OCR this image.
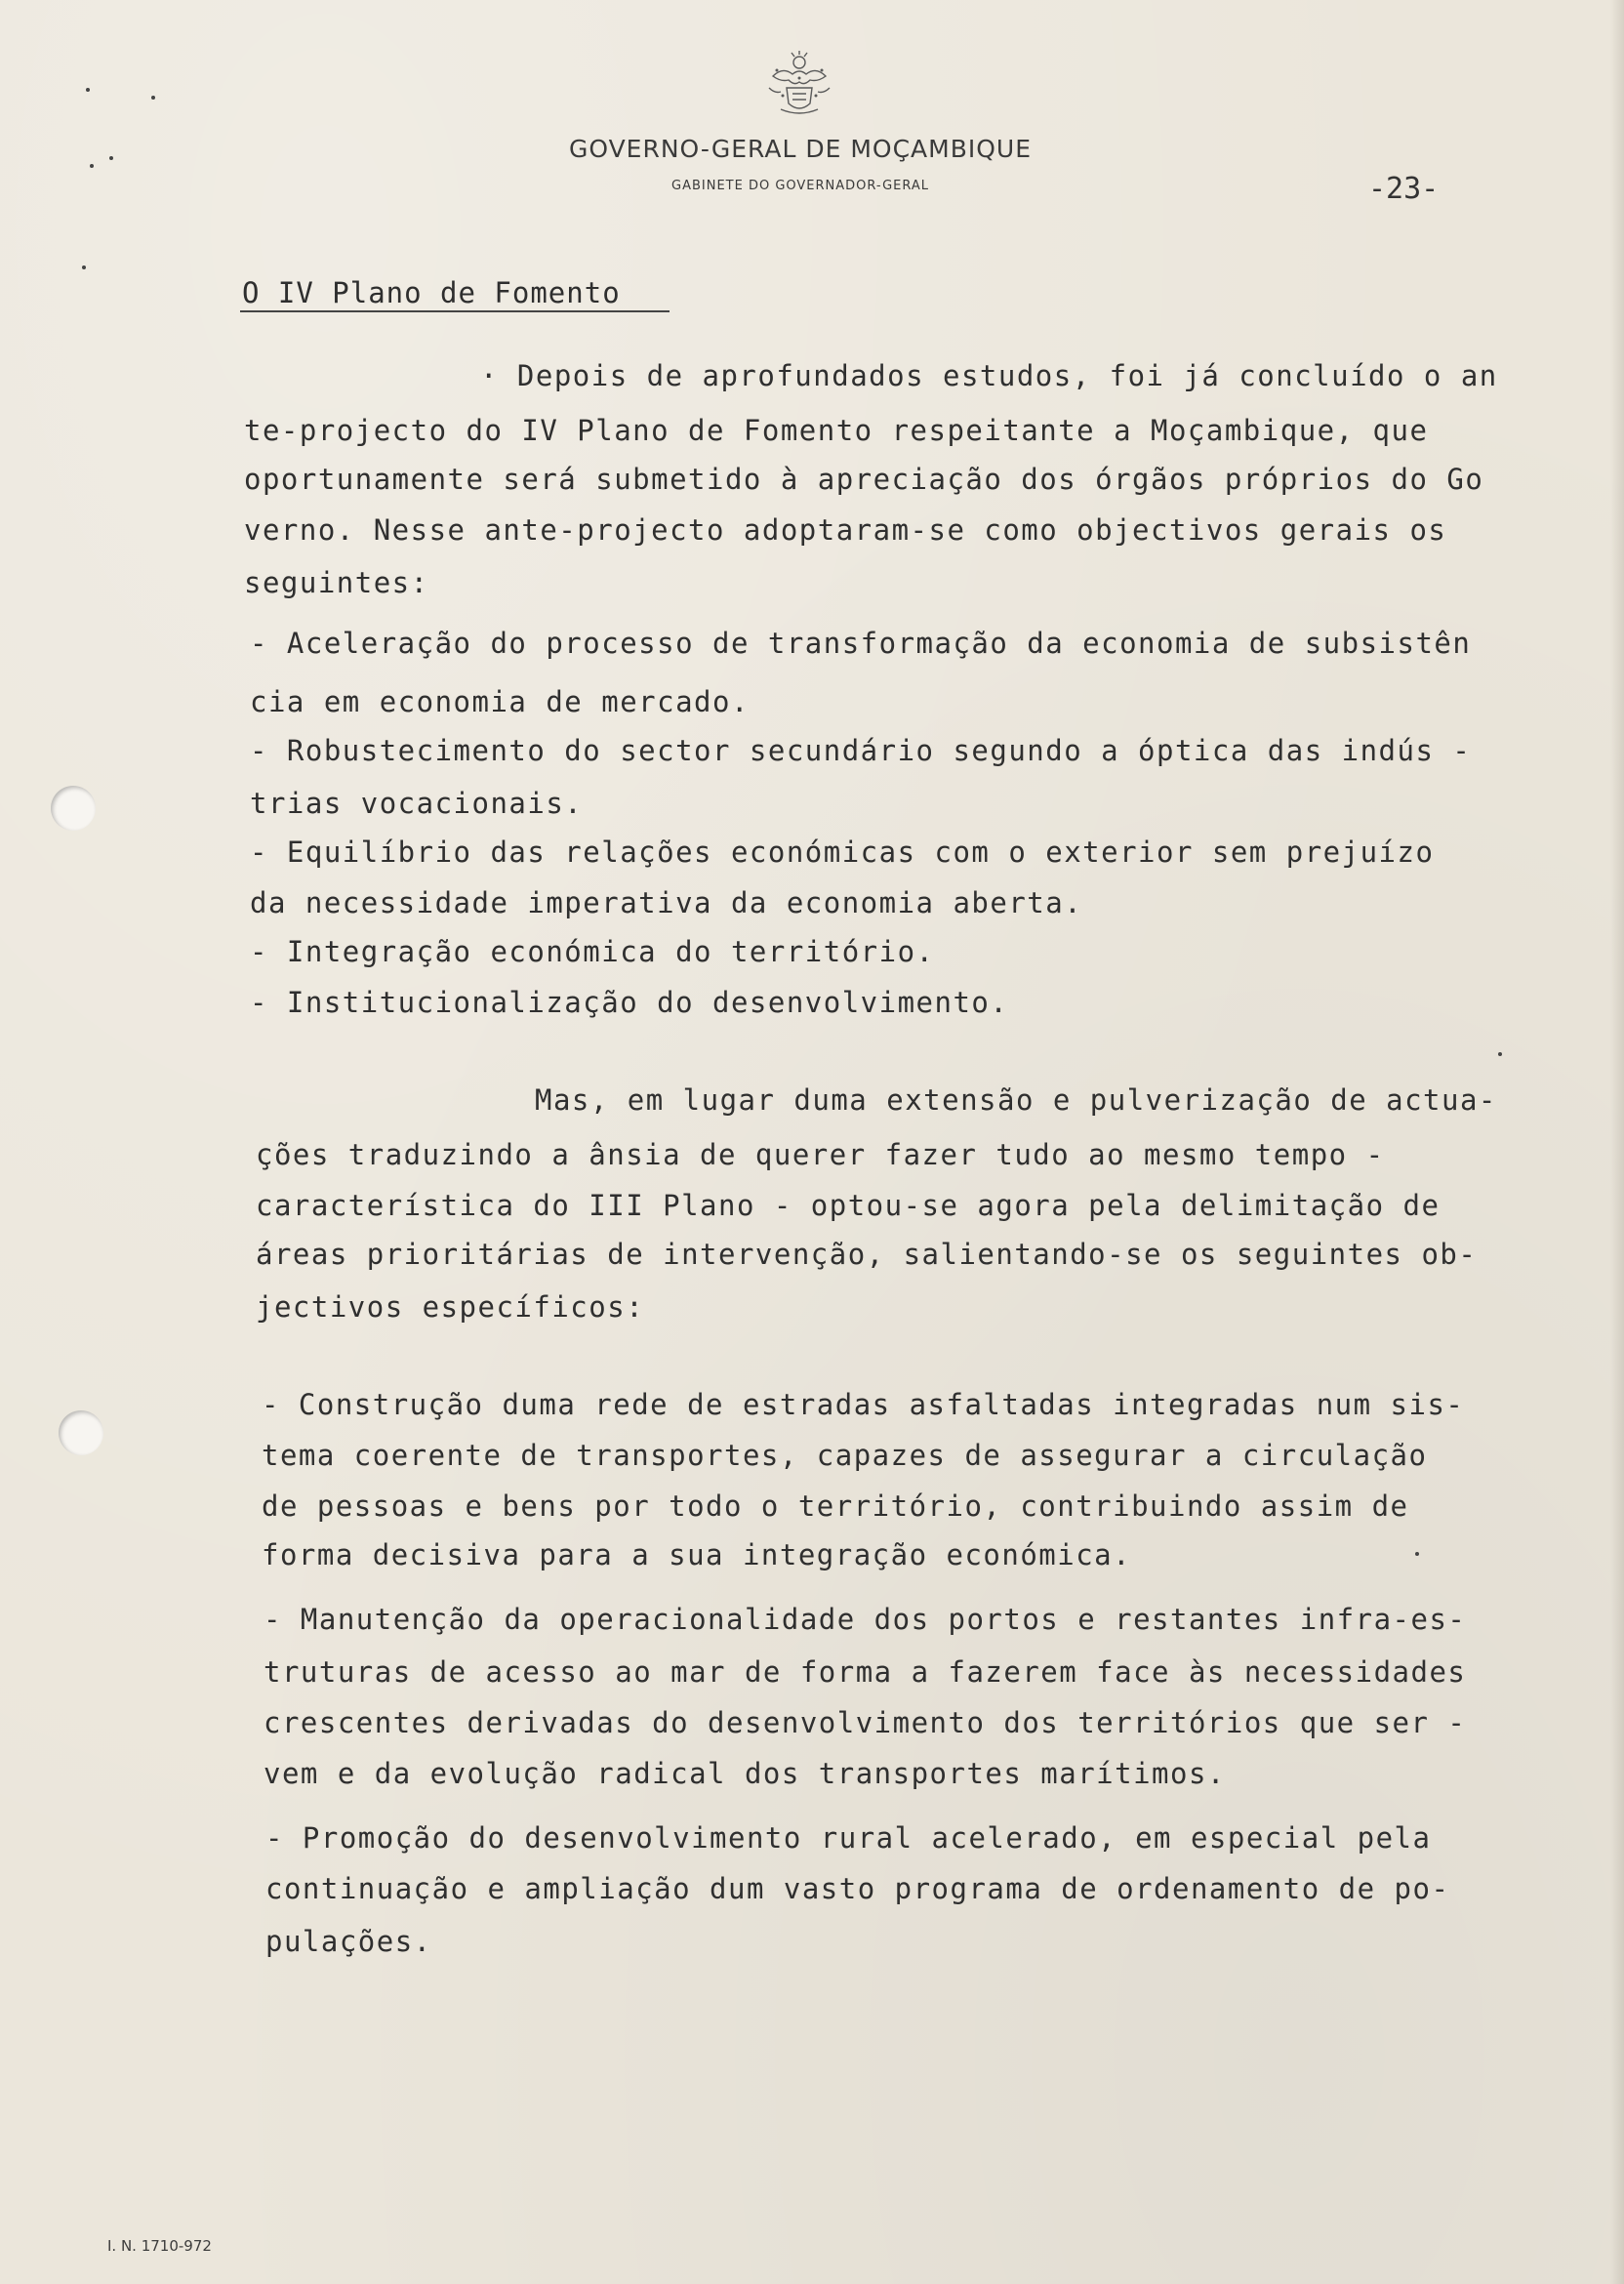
GOVERNO-GERAL DE MOÇAMBIQUE
GABINETE DO GOVERNADOR-GERAL	-23-
O IV Plano de Fomento
· Depois de aprofundados estudos, foi já concluído o an
te-projecto do IV Plano de Fomento respeitante a Moçambique, que
oportunamente será submetido à apreciação dos órgãos próprios do Go
verno. Nesse ante-projecto adoptaram-se como objectivos gerais os
seguintes:
- Aceleração do processo de transformação da economia de subsistên
cia em economia de mercado.
- Robustecimento do sector secundário segundo a óptica das indús -
trias vocacionais.
- Equilíbrio das relações económicas com o exterior sem prejuízo
da necessidade imperativa da economia aberta.
- Integração económica do território.
- Institucionalização do desenvolvimento.
Mas, em lugar duma extensão e pulverização de actua-
ções traduzindo a ânsia de querer fazer tudo ao mesmo tempo -
característica do III Plano - optou-se agora pela delimitação de
áreas prioritárias de intervenção, salientando-se os seguintes ob-
jectivos específicos:
- Construção duma rede de estradas asfaltadas integradas num sis-
tema coerente de transportes, capazes de assegurar a circulação
de pessoas e bens por todo o território, contribuindo assim de
forma decisiva para a sua integração económica.
- Manutenção da operacionalidade dos portos e restantes infra-es-
truturas de acesso ao mar de forma a fazerem face às necessidades
crescentes derivadas do desenvolvimento dos territórios que ser -
vem e da evolução radical dos transportes marítimos.
- Promoção do desenvolvimento rural acelerado, em especial pela
continuação e ampliação dum vasto programa de ordenamento de po-
pulações.
I. N. 1710-972
